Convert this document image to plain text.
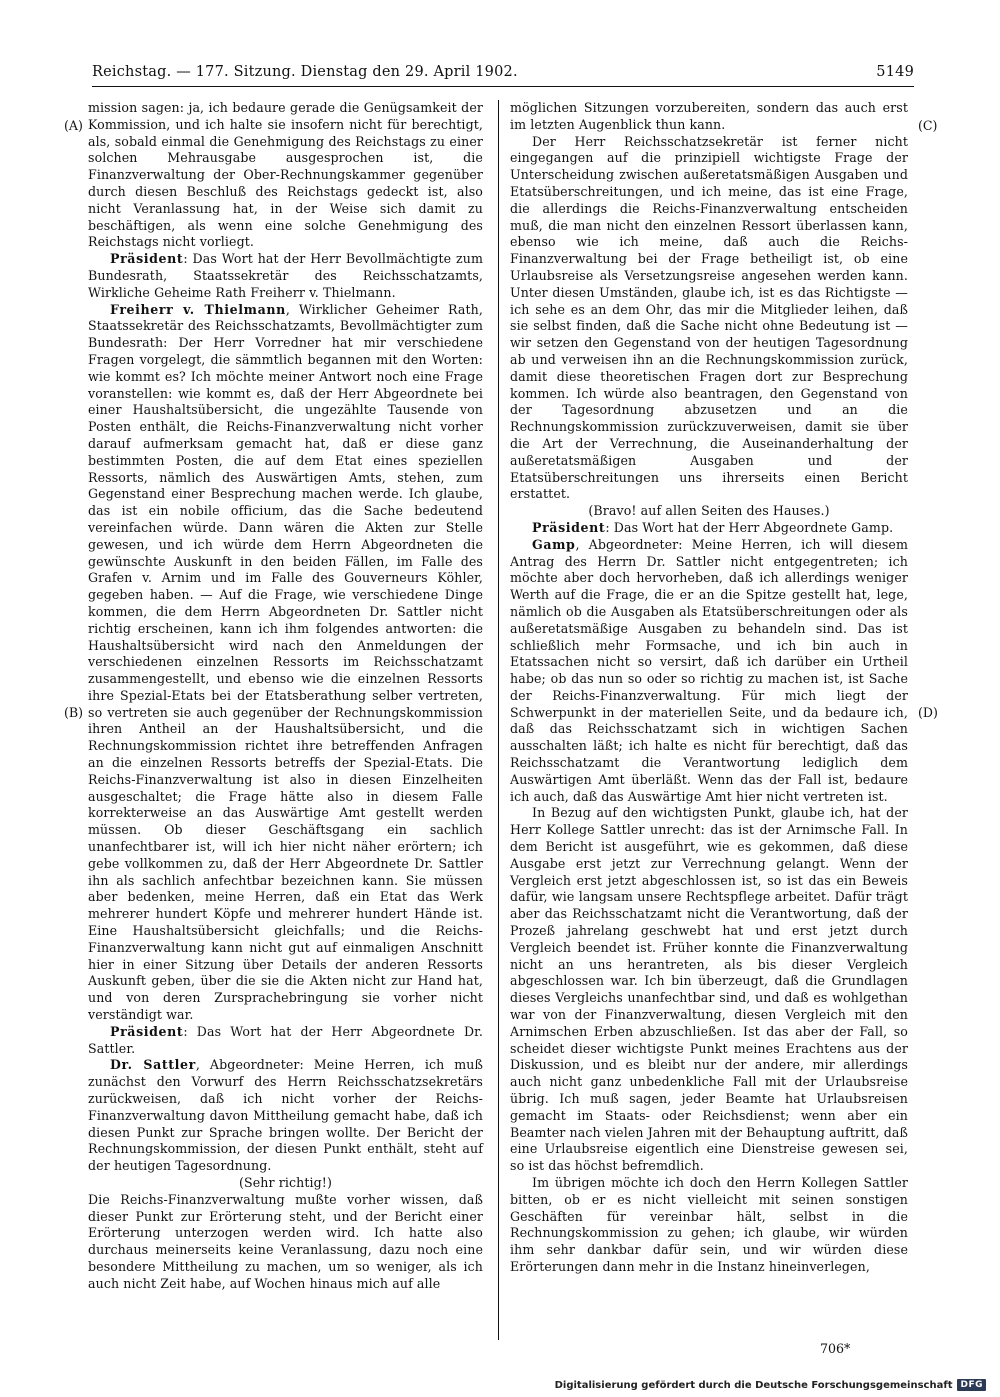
Reichstag. — 177. Sitzung. Dienstag den 29. April 1902.	5149
(A)
(B)
(C)
(D)

mission sagen: ja, ich bedaure gerade die Genügsamkeit der Kommission, und ich halte sie insofern nicht für berechtigt, als, sobald einmal die Genehmigung des Reichstags zu einer solchen Mehrausgabe ausgesprochen ist, die Finanzverwaltung der Ober-Rechnungskammer gegenüber durch diesen Beschluß des Reichstags gedeckt ist, also nicht Veranlassung hat, in der Weise sich damit zu beschäftigen, als wenn eine solche Genehmigung des Reichstags nicht vorliegt.

Präsident: Das Wort hat der Herr Bevollmächtigte zum Bundesrath, Staatssekretär des Reichsschatzamts, Wirkliche Geheime Rath Freiherr v. Thielmann.

Freiherr v. Thielmann, Wirklicher Geheimer Rath, Staatssekretär des Reichsschatzamts, Bevollmächtigter zum Bundesrath: Der Herr Vorredner hat mir verschiedene Fragen vorgelegt, die sämmtlich begannen mit den Worten: wie kommt es? Ich möchte meiner Antwort noch eine Frage voranstellen: wie kommt es, daß der Herr Abgeordnete bei einer Haushaltsübersicht, die ungezählte Tausende von Posten enthält, die Reichs-Finanzverwaltung nicht vorher darauf aufmerksam gemacht hat, daß er diese ganz bestimmten Posten, die auf dem Etat eines speziellen Ressorts, nämlich des Auswärtigen Amts, stehen, zum Gegenstand einer Besprechung machen werde. Ich glaube, das ist ein nobile officium, das die Sache bedeutend vereinfachen würde. Dann wären die Akten zur Stelle gewesen, und ich würde dem Herrn Abgeordneten die gewünschte Auskunft in den beiden Fällen, im Falle des Grafen v. Arnim und im Falle des Gouverneurs Köhler, gegeben haben. — Auf die Frage, wie verschiedene Dinge kommen, die dem Herrn Abgeordneten Dr. Sattler nicht richtig erscheinen, kann ich ihm folgendes antworten: die Haushaltsübersicht wird nach den Anmeldungen der verschiedenen einzelnen Ressorts im Reichsschatzamt zusammengestellt, und ebenso wie die einzelnen Ressorts ihre Spezial-Etats bei der Etatsberathung selber vertreten, so vertreten sie auch gegenüber der Rechnungskommission ihren Antheil an der Haushaltsübersicht, und die Rechnungskommission richtet ihre betreffenden Anfragen an die einzelnen Ressorts betreffs der Spezial-Etats. Die Reichs-Finanzverwaltung ist also in diesen Einzelheiten ausgeschaltet; die Frage hätte also in diesem Falle korrekterweise an das Auswärtige Amt gestellt werden müssen. Ob dieser Geschäftsgang ein sachlich unanfechtbarer ist, will ich hier nicht näher erörtern; ich gebe vollkommen zu, daß der Herr Abgeordnete Dr. Sattler ihn als sachlich anfechtbar bezeichnen kann. Sie müssen aber bedenken, meine Herren, daß ein Etat das Werk mehrerer hundert Köpfe und mehrerer hundert Hände ist. Eine Haushaltsübersicht gleichfalls; und die Reichs-Finanzverwaltung kann nicht gut auf einmaligen Anschnitt hier in einer Sitzung über Details der anderen Ressorts Auskunft geben, über die sie die Akten nicht zur Hand hat, und von deren Zursprachebringung sie vorher nicht verständigt war.

Präsident: Das Wort hat der Herr Abgeordnete Dr. Sattler.

Dr. Sattler, Abgeordneter: Meine Herren, ich muß zunächst den Vorwurf des Herrn Reichsschatzsekretärs zurückweisen, daß ich nicht vorher der Reichs-Finanzverwaltung davon Mittheilung gemacht habe, daß ich diesen Punkt zur Sprache bringen wollte. Der Bericht der Rechnungskommission, der diesen Punkt enthält, steht auf der heutigen Tagesordnung.

(Sehr richtig!)

Die Reichs-Finanzverwaltung mußte vorher wissen, daß dieser Punkt zur Erörterung steht, und der Bericht einer Erörterung unterzogen werden wird. Ich hatte also durchaus meinerseits keine Veranlassung, dazu noch eine besondere Mittheilung zu machen, um so weniger, als ich auch nicht Zeit habe, auf Wochen hinaus mich auf alle

möglichen Sitzungen vorzubereiten, sondern das auch erst im letzten Augenblick thun kann.

Der Herr Reichsschatzsekretär ist ferner nicht eingegangen auf die prinzipiell wichtigste Frage der Unterscheidung zwischen außeretatsmäßigen Ausgaben und Etatsüberschreitungen, und ich meine, das ist eine Frage, die allerdings die Reichs-Finanzverwaltung entscheiden muß, die man nicht den einzelnen Ressort überlassen kann, ebenso wie ich meine, daß auch die Reichs-Finanzverwaltung bei der Frage betheiligt ist, ob eine Urlaubsreise als Versetzungsreise angesehen werden kann. Unter diesen Umständen, glaube ich, ist es das Richtigste — ich sehe es an dem Ohr, das mir die Mitglieder leihen, daß sie selbst finden, daß die Sache nicht ohne Bedeutung ist — wir setzen den Gegenstand von der heutigen Tagesordnung ab und verweisen ihn an die Rechnungskommission zurück, damit diese theoretischen Fragen dort zur Besprechung kommen. Ich würde also beantragen, den Gegenstand von der Tagesordnung abzusetzen und an die Rechnungskommission zurückzuverweisen, damit sie über die Art der Verrechnung, die Auseinanderhaltung der außeretatsmäßigen Ausgaben und der Etatsüberschreitungen uns ihrerseits einen Bericht erstattet.

(Bravo! auf allen Seiten des Hauses.)

Präsident: Das Wort hat der Herr Abgeordnete Gamp.

Gamp, Abgeordneter: Meine Herren, ich will diesem Antrag des Herrn Dr. Sattler nicht entgegentreten; ich möchte aber doch hervorheben, daß ich allerdings weniger Werth auf die Frage, die er an die Spitze gestellt hat, lege, nämlich ob die Ausgaben als Etatsüberschreitungen oder als außeretatsmäßige Ausgaben zu behandeln sind. Das ist schließlich mehr Formsache, und ich bin auch in Etatssachen nicht so versirt, daß ich darüber ein Urtheil habe; ob das nun so oder so richtig zu machen ist, ist Sache der Reichs-Finanzverwaltung. Für mich liegt der Schwerpunkt in der materiellen Seite, und da bedaure ich, daß das Reichsschatzamt sich in wichtigen Sachen ausschalten läßt; ich halte es nicht für berechtigt, daß das Reichsschatzamt die Verantwortung lediglich dem Auswärtigen Amt überläßt. Wenn das der Fall ist, bedaure ich auch, daß das Auswärtige Amt hier nicht vertreten ist.

In Bezug auf den wichtigsten Punkt, glaube ich, hat der Herr Kollege Sattler unrecht: das ist der Arnimsche Fall. In dem Bericht ist ausgeführt, wie es gekommen, daß diese Ausgabe erst jetzt zur Verrechnung gelangt. Wenn der Vergleich erst jetzt abgeschlossen ist, so ist das ein Beweis dafür, wie langsam unsere Rechtspflege arbeitet. Dafür trägt aber das Reichsschatzamt nicht die Verantwortung, daß der Prozeß jahrelang geschwebt hat und erst jetzt durch Vergleich beendet ist. Früher konnte die Finanzverwaltung nicht an uns herantreten, als bis dieser Vergleich abgeschlossen war. Ich bin überzeugt, daß die Grundlagen dieses Vergleichs unanfechtbar sind, und daß es wohlgethan war von der Finanzverwaltung, diesen Vergleich mit den Arnimschen Erben abzuschließen. Ist das aber der Fall, so scheidet dieser wichtigste Punkt meines Erachtens aus der Diskussion, und es bleibt nur der andere, mir allerdings auch nicht ganz unbedenkliche Fall mit der Urlaubsreise übrig. Ich muß sagen, jeder Beamte hat Urlaubsreisen gemacht im Staats- oder Reichsdienst; wenn aber ein Beamter nach vielen Jahren mit der Behauptung auftritt, daß eine Urlaubsreise eigentlich eine Dienstreise gewesen sei, so ist das höchst befremdlich.

Im übrigen möchte ich doch den Herrn Kollegen Sattler bitten, ob er es nicht vielleicht mit seinen sonstigen Geschäften für vereinbar hält, selbst in die Rechnungskommission zu gehen; ich glaube, wir würden ihm sehr dankbar dafür sein, und wir würden diese Erörterungen dann mehr in die Instanz hineinverlegen,

706*
Digitalisierung gefördert durch die Deutsche Forschungsgemeinschaft DFG
